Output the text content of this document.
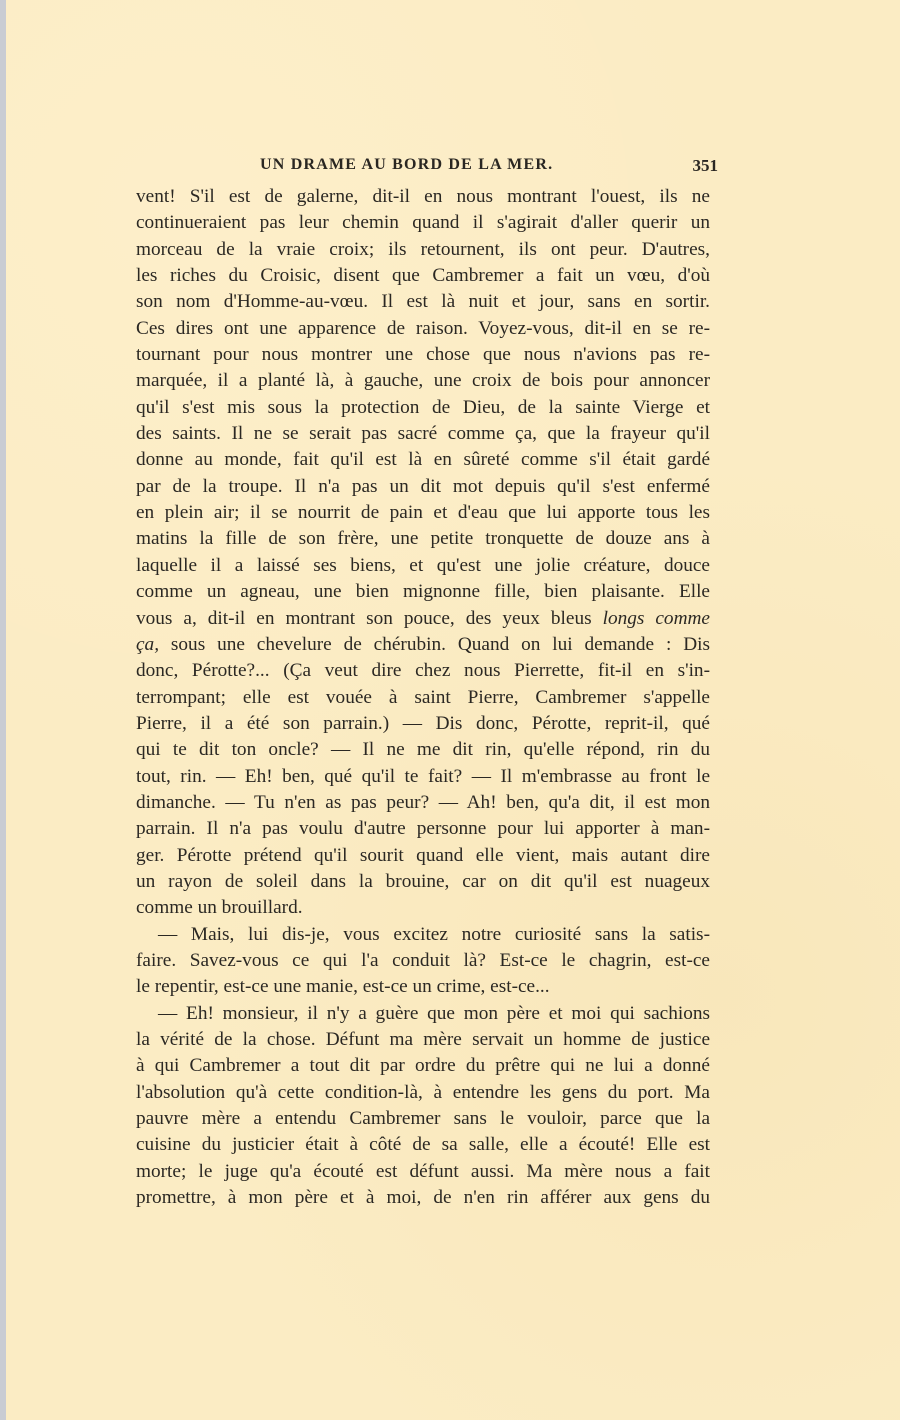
UN DRAME AU BORD DE LA MER.	351
vent! S'il est de galerne, dit-il en nous montrant l'ouest, ils ne
continueraient pas leur chemin quand il s'agirait d'aller querir un
morceau de la vraie croix; ils retournent, ils ont peur. D'autres,
les riches du Croisic, disent que Cambremer a fait un vœu, d'où
son nom d'Homme-au-vœu. Il est là nuit et jour, sans en sortir.
Ces dires ont une apparence de raison. Voyez-vous, dit-il en se re-
tournant pour nous montrer une chose que nous n'avions pas re-
marquée, il a planté là, à gauche, une croix de bois pour annoncer
qu'il s'est mis sous la protection de Dieu, de la sainte Vierge et
des saints. Il ne se serait pas sacré comme ça, que la frayeur qu'il
donne au monde, fait qu'il est là en sûreté comme s'il était gardé
par de la troupe. Il n'a pas un dit mot depuis qu'il s'est enfermé
en plein air; il se nourrit de pain et d'eau que lui apporte tous les
matins la fille de son frère, une petite tronquette de douze ans à
laquelle il a laissé ses biens, et qu'est une jolie créature, douce
comme un agneau, une bien mignonne fille, bien plaisante. Elle
vous a, dit-il en montrant son pouce, des yeux bleus longs comme
ça, sous une chevelure de chérubin. Quand on lui demande : Dis
donc, Pérotte?... (Ça veut dire chez nous Pierrette, fit-il en s'in-
terrompant; elle est vouée à saint Pierre, Cambremer s'appelle
Pierre, il a été son parrain.) — Dis donc, Pérotte, reprit-il, qué
qui te dit ton oncle? — Il ne me dit rin, qu'elle répond, rin du
tout, rin. — Eh! ben, qué qu'il te fait? — Il m'embrasse au front le
dimanche. — Tu n'en as pas peur? — Ah! ben, qu'a dit, il est mon
parrain. Il n'a pas voulu d'autre personne pour lui apporter à man-
ger. Pérotte prétend qu'il sourit quand elle vient, mais autant dire
un rayon de soleil dans la brouine, car on dit qu'il est nuageux
comme un brouillard.
— Mais, lui dis-je, vous excitez notre curiosité sans la satis-
faire. Savez-vous ce qui l'a conduit là? Est-ce le chagrin, est-ce
le repentir, est-ce une manie, est-ce un crime, est-ce...
— Eh! monsieur, il n'y a guère que mon père et moi qui sachions
la vérité de la chose. Défunt ma mère servait un homme de justice
à qui Cambremer a tout dit par ordre du prêtre qui ne lui a donné
l'absolution qu'à cette condition-là, à entendre les gens du port. Ma
pauvre mère a entendu Cambremer sans le vouloir, parce que la
cuisine du justicier était à côté de sa salle, elle a écouté! Elle est
morte; le juge qu'a écouté est défunt aussi. Ma mère nous a fait
promettre, à mon père et à moi, de n'en rin afférer aux gens du
